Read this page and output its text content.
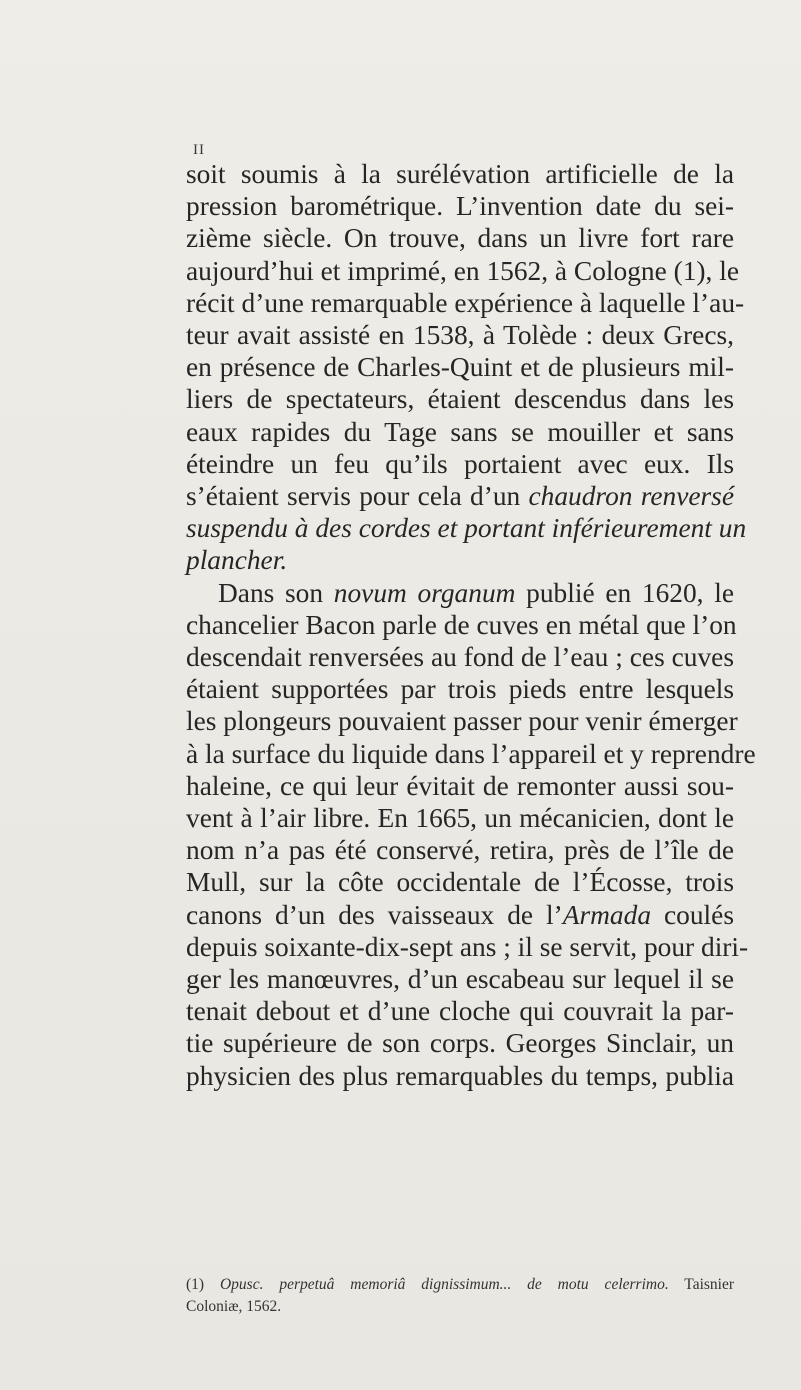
II
soit soumis à la surélévation artificielle de la
pression barométrique. L’invention date du sei-
zième siècle. On trouve, dans un livre fort rare
aujourd’hui et imprimé, en 1562, à Cologne (1), le
récit d’une remarquable expérience à laquelle l’au-
teur avait assisté en 1538, à Tolède : deux Grecs,
en présence de Charles-Quint et de plusieurs mil-
liers de spectateurs, étaient descendus dans les
eaux rapides du Tage sans se mouiller et sans
éteindre un feu qu’ils portaient avec eux. Ils
s’étaient servis pour cela d’un chaudron renversé
suspendu à des cordes et portant inférieurement un
plancher.
Dans son novum organum publié en 1620, le
chancelier Bacon parle de cuves en métal que l’on
descendait renversées au fond de l’eau ; ces cuves
étaient supportées par trois pieds entre lesquels
les plongeurs pouvaient passer pour venir émerger
à la surface du liquide dans l’appareil et y reprendre
haleine, ce qui leur évitait de remonter aussi sou-
vent à l’air libre. En 1665, un mécanicien, dont le
nom n’a pas été conservé, retira, près de l’île de
Mull, sur la côte occidentale de l’Écosse, trois
canons d’un des vaisseaux de l’Armada coulés
depuis soixante-dix-sept ans ; il se servit, pour diri-
ger les manœuvres, d’un escabeau sur lequel il se
tenait debout et d’une cloche qui couvrait la par-
tie supérieure de son corps. Georges Sinclair, un
physicien des plus remarquables du temps, publia
(1) Opusc. perpetuâ memoriâ dignissimum... de motu celerrimo. Taisnier
Coloniæ, 1562.
